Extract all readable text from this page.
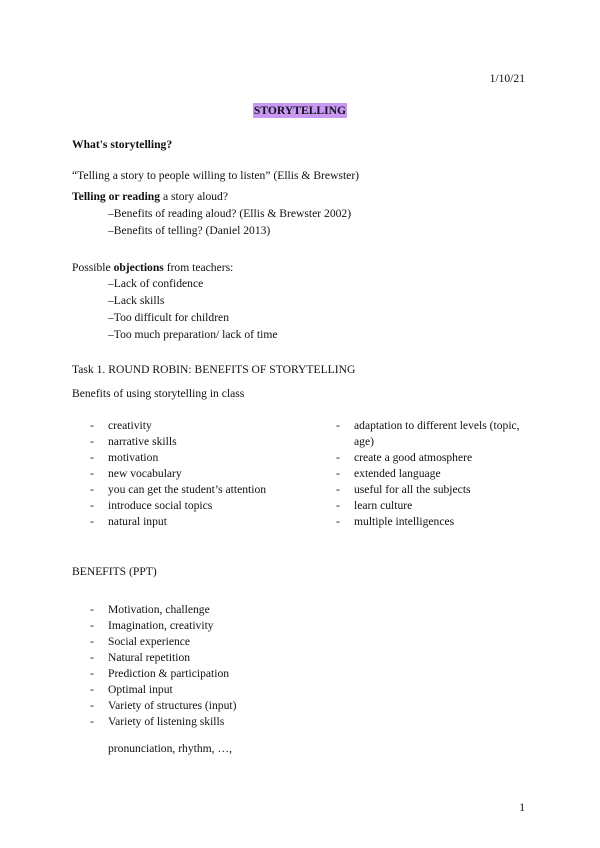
1/10/21
STORYTELLING
What's storytelling?
“Telling a story to people willing to listen” (Ellis & Brewster)
Telling or reading a story aloud?
–Benefits of reading aloud? (Ellis & Brewster 2002)
–Benefits of telling? (Daniel 2013)
Possible objections from teachers:
–Lack of confidence
–Lack skills
–Too difficult for children
–Too much preparation/ lack of time
Task 1. ROUND ROBIN: BENEFITS OF STORYTELLING
Benefits of using storytelling in class
- creativity
- narrative skills
- motivation
- new vocabulary
- you can get the student’s attention
- introduce social topics
- natural input
- adaptation to different levels (topic,
age)
- create a good atmosphere
- extended language
- useful for all the subjects
- learn culture
- multiple intelligences
BENEFITS (PPT)
- Motivation, challenge
- Imagination, creativity
- Social experience
- Natural repetition
- Prediction & participation
- Optimal input
- Variety of structures (input)
- Variety of listening skills
pronunciation, rhythm, …,
1
